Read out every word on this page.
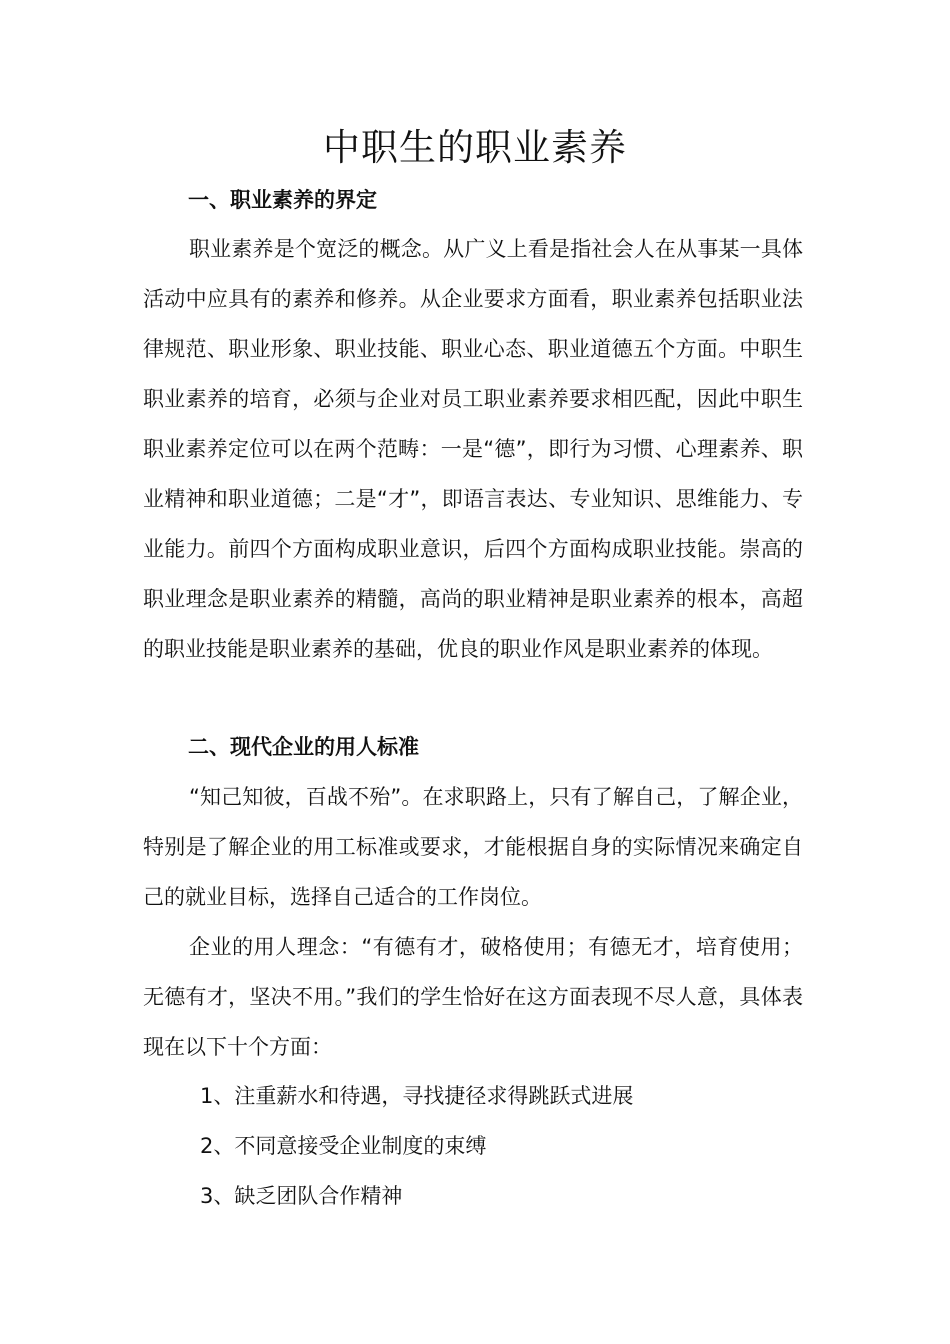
中职生的职业素养
一、职业素养的界定

职业素养是个宽泛的概念。从广义上看是指社会人在从事某一具体活动中应具有的素养和修养。从企业要求方面看，职业素养包括职业法律规范、职业形象、职业技能、职业心态、职业道德五个方面。中职生职业素养的培育，必须与企业对员工职业素养要求相匹配，因此中职生职业素养定位可以在两个范畴：一是“德”，即行为习惯、心理素养、职业精神和职业道德；二是“才”，即语言表达、专业知识、思维能力、专业能力。前四个方面构成职业意识，后四个方面构成职业技能。崇高的职业理念是职业素养的精髓，高尚的职业精神是职业素养的根本，高超的职业技能是职业素养的基础，优良的职业作风是职业素养的体现。

二、现代企业的用人标准

“知己知彼，百战不殆”。在求职路上，只有了解自己，了解企业，特别是了解企业的用工标准或要求，才能根据自身的实际情况来确定自己的就业目标，选择自己适合的工作岗位。

企业的用人理念：“有德有才，破格使用；有德无才，培育使用；无德有才，坚决不用。”我们的学生恰好在这方面表现不尽人意，具体表现在以下十个方面：

1、注重薪水和待遇，寻找捷径求得跳跃式进展

2、不同意接受企业制度的束缚

3、缺乏团队合作精神
